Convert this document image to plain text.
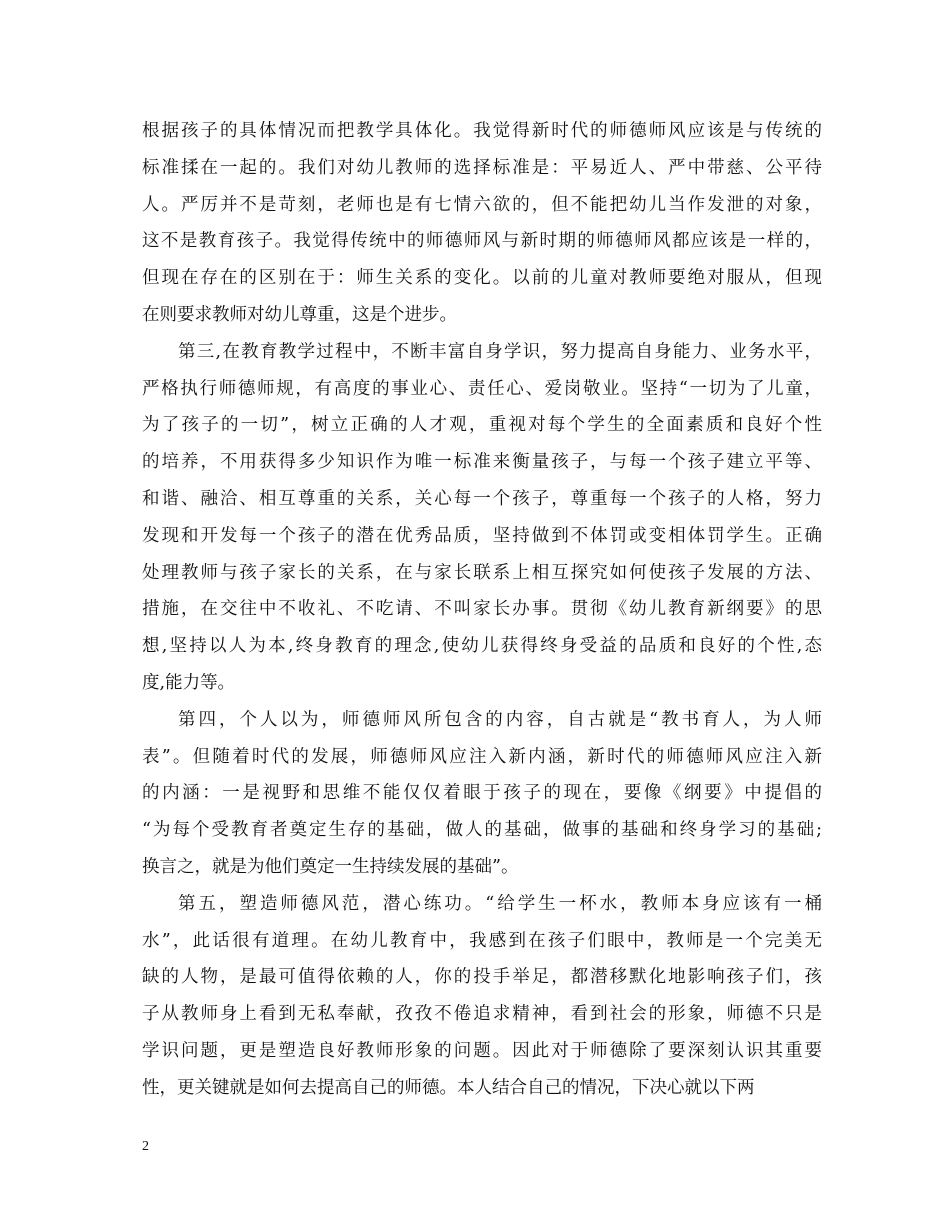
根据孩子的具体情况而把教学具体化。我觉得新时代的师德师风应该是与传统的
标准揉在一起的。我们对幼儿教师的选择标准是：平易近人、严中带慈、公平待
人。严厉并不是苛刻，老师也是有七情六欲的，但不能把幼儿当作发泄的对象，
这不是教育孩子。我觉得传统中的师德师风与新时期的师德师风都应该是一样的，
但现在存在的区别在于：师生关系的变化。以前的儿童对教师要绝对服从，但现
在则要求教师对幼儿尊重，这是个进步。
第三,在教育教学过程中，不断丰富自身学识，努力提高自身能力、业务水平，
严格执行师德师规，有高度的事业心、责任心、爱岗敬业。坚持“一切为了儿童，
为了孩子的一切”，树立正确的人才观，重视对每个学生的全面素质和良好个性
的培养，不用获得多少知识作为唯一标准来衡量孩子，与每一个孩子建立平等、
和谐、融洽、相互尊重的关系，关心每一个孩子，尊重每一个孩子的人格，努力
发现和开发每一个孩子的潜在优秀品质，坚持做到不体罚或变相体罚学生。正确
处理教师与孩子家长的关系，在与家长联系上相互探究如何使孩子发展的方法、
措施，在交往中不收礼、不吃请、不叫家长办事。贯彻《幼儿教育新纲要》的思
想,坚持以人为本,终身教育的理念,使幼儿获得终身受益的品质和良好的个性,态
度,能力等。
第四，个人以为，师德师风所包含的内容，自古就是“教书育人，为人师
表”。但随着时代的发展，师德师风应注入新内涵，新时代的师德师风应注入新
的内涵：一是视野和思维不能仅仅着眼于孩子的现在，要像《纲要》中提倡的
“为每个受教育者奠定生存的基础，做人的基础，做事的基础和终身学习的基础;
换言之，就是为他们奠定一生持续发展的基础”。
第五，塑造师德风范，潜心练功。“给学生一杯水，教师本身应该有一桶
水”，此话很有道理。在幼儿教育中，我感到在孩子们眼中，教师是一个完美无
缺的人物，是最可值得依赖的人，你的投手举足，都潜移默化地影响孩子们，孩
子从教师身上看到无私奉献，孜孜不倦追求精神，看到社会的形象，师德不只是
学识问题，更是塑造良好教师形象的问题。因此对于师德除了要深刻认识其重要
性，更关键就是如何去提高自己的师德。本人结合自己的情况，下决心就以下两
2
